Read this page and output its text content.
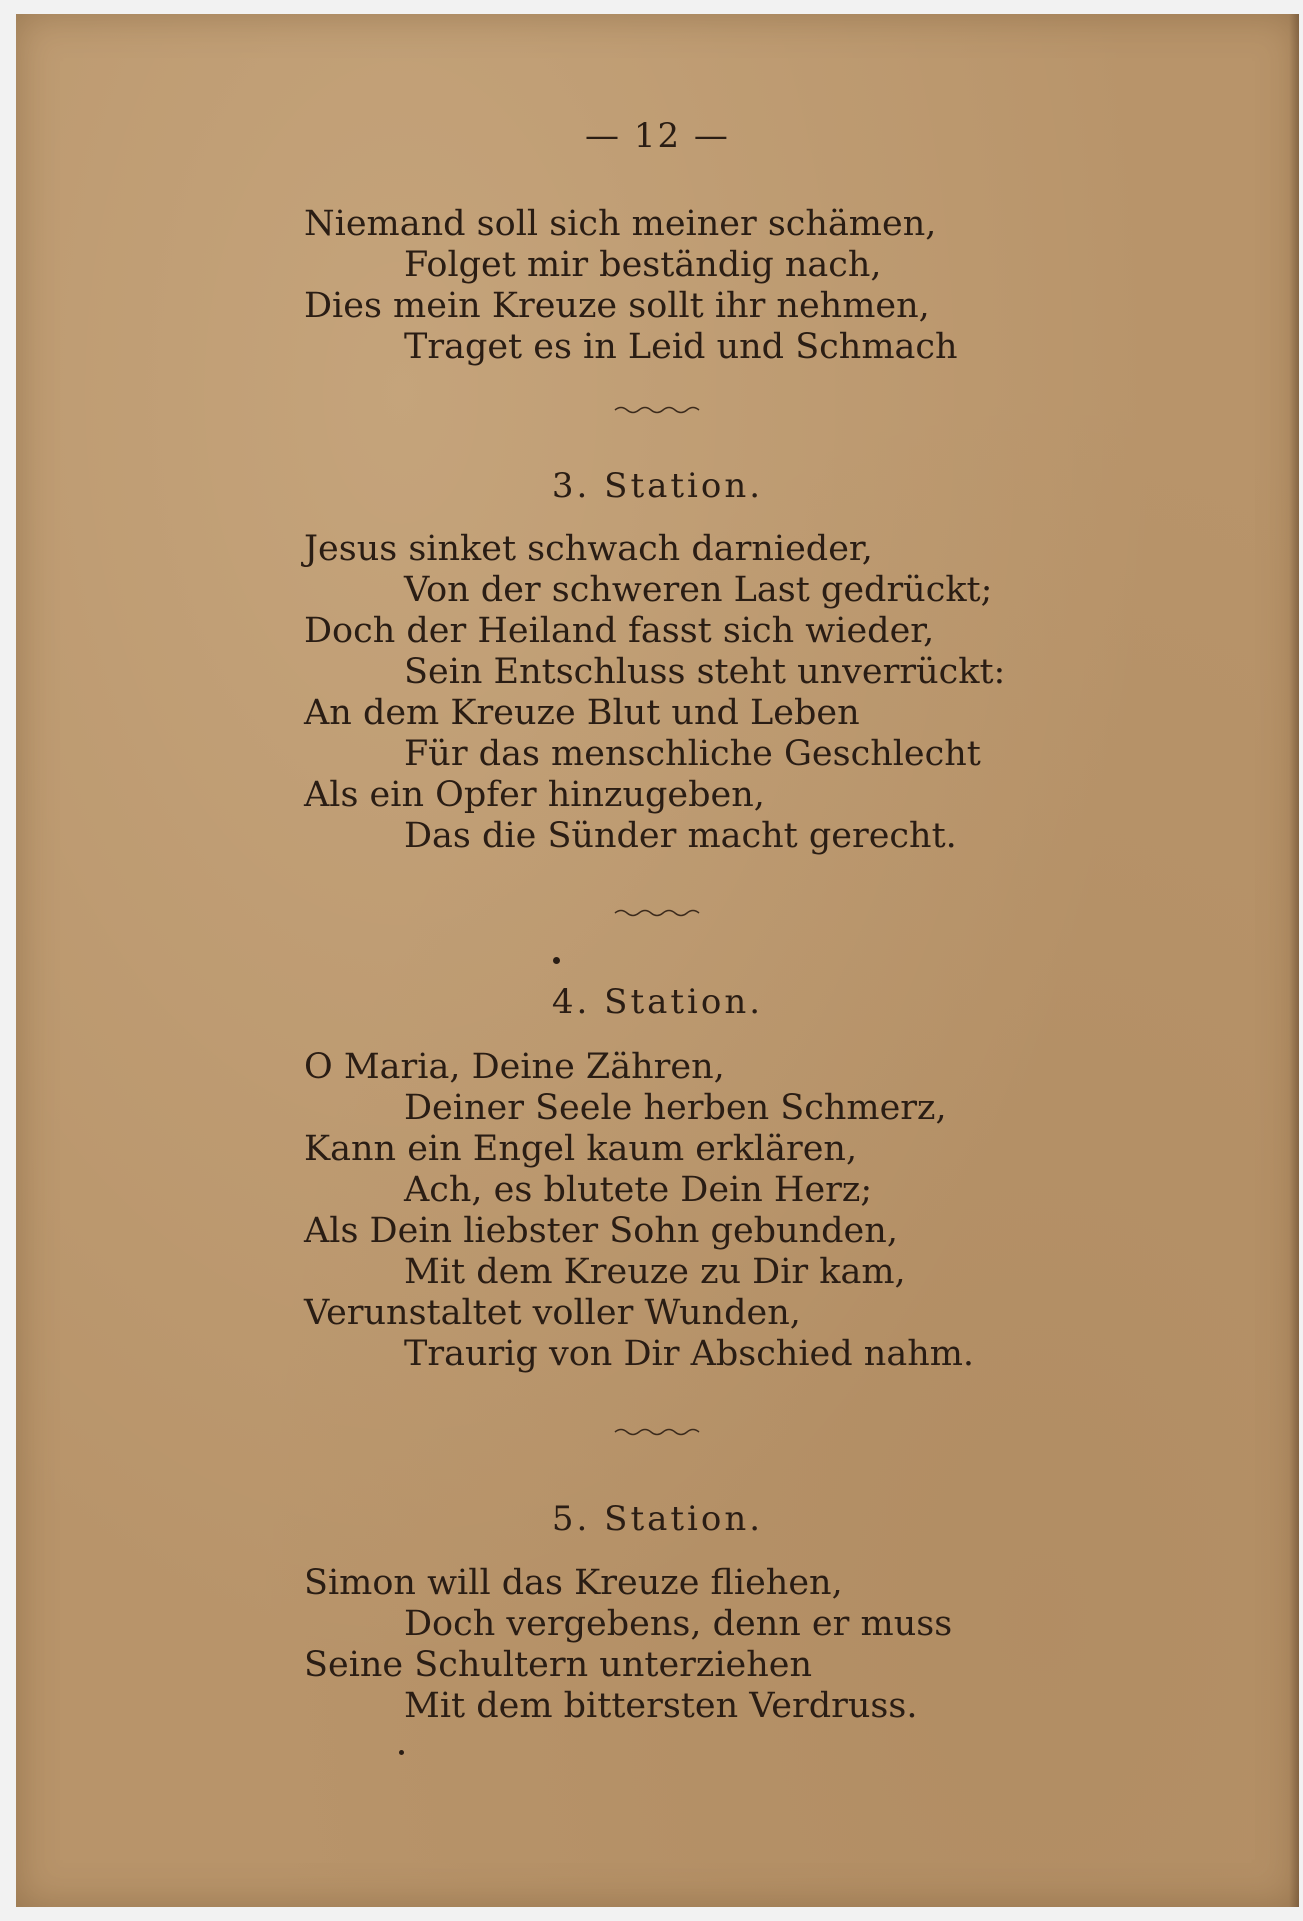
— 12 —
Niemand soll sich meiner schämen,
Folget mir beständig nach,
Dies mein Kreuze sollt ihr nehmen,
Traget es in Leid und Schmach
3. Station.
Jesus sinket schwach darnieder,
Von der schweren Last gedrückt;
Doch der Heiland fasst sich wieder,
Sein Entschluss steht unverrückt:
An dem Kreuze Blut und Leben
Für das menschliche Geschlecht
Als ein Opfer hinzugeben,
Das die Sünder macht gerecht.
4. Station.
O Maria, Deine Zähren,
Deiner Seele herben Schmerz,
Kann ein Engel kaum erklären,
Ach, es blutete Dein Herz;
Als Dein liebster Sohn gebunden,
Mit dem Kreuze zu Dir kam,
Verunstaltet voller Wunden,
Traurig von Dir Abschied nahm.
5. Station.
Simon will das Kreuze fliehen,
Doch vergebens, denn er muss
Seine Schultern unterziehen
Mit dem bittersten Verdruss.
